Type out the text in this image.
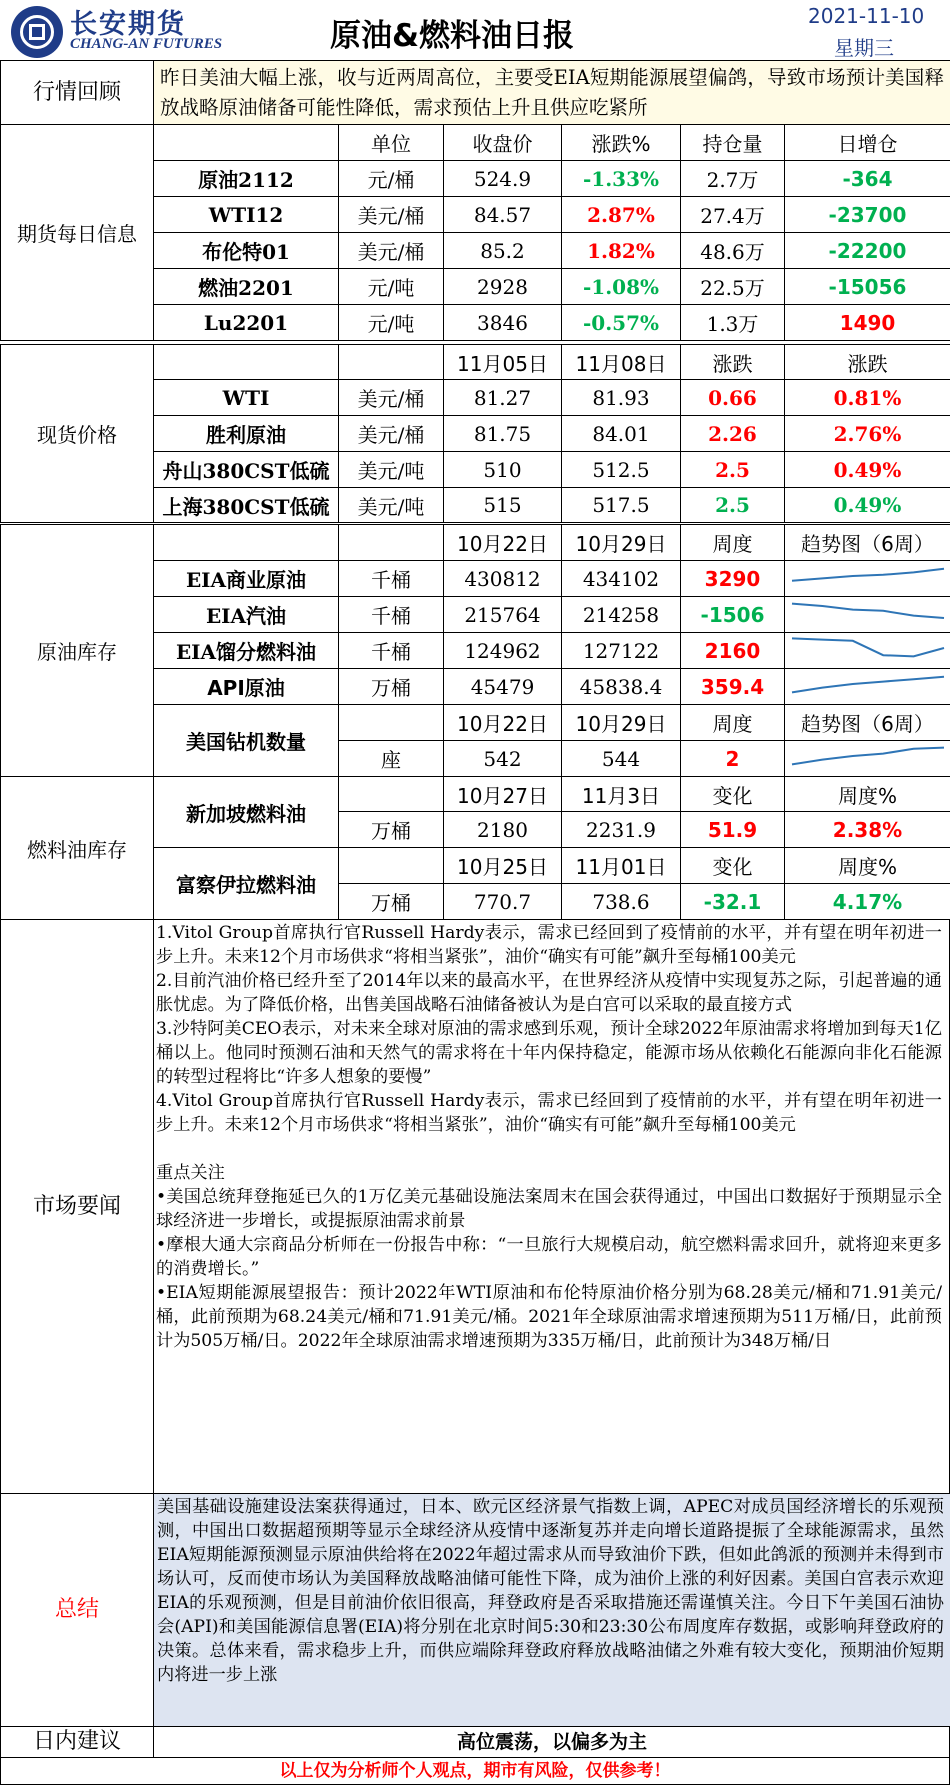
长安期货
CHANG-AN FUTURES	原油&燃料油日报
2021-11-10
星期三
行情回顾
昨日美油大幅上涨，收与近两周高位，主要受EIA短期能源展望偏鸽，导致市场预计美国释放战略原油储备可能性降低，需求预估上升且供应吃紧所
期货每日信息		单位	收盘价	涨跌%	持仓量	日增仓
	原油2112	元/桶	524.9	-1.33%	2.7万	-364
	WTI12	美元/桶	84.57	2.87%	27.4万	-23700
	布伦特01	美元/桶	85.2	1.82%	48.6万	-22200
	燃油2201	元/吨	2928	-1.08%	22.5万	-15056
	Lu2201	元/吨	3846	-0.57%	1.3万	1490
现货价格			11月05日	11月08日	涨跌	涨跌
	WTI	美元/桶	81.27	81.93	0.66	0.81%
	胜利原油	美元/桶	81.75	84.01	2.26	2.76%
	舟山380CST低硫	美元/吨	510	512.5	2.5	0.49%
	上海380CST低硫	美元/吨	515	517.5	2.5	0.49%
原油库存			10月22日	10月29日	周度	趋势图（6周）
	EIA商业原油	千桶	430812	434102	3290	
	EIA汽油	千桶	215764	214258	-1506	
	EIA馏分燃料油	千桶	124962	127122	2160	
	API原油	万桶	45479	45838.4	359.4	
	美国钻机数量		10月22日	10月29日	周度	趋势图（6周）
		座	542	544	2	
燃料油库存	新加坡燃料油		10月27日	11月3日	变化	周度%
		万桶	2180	2231.9	51.9	2.38%
	富察伊拉燃料油		10月25日	11月01日	变化	周度%
		万桶	770.7	738.6	-32.1	4.17%
市场要闻
1.Vitol Group首席执行官Russell Hardy表示，需求已经回到了疫情前的水平，并有望在明年初进一步上升。未来12个月市场供求“将相当紧张”，油价“确实有可能”飙升至每桶100美元
2.目前汽油价格已经升至了2014年以来的最高水平，在世界经济从疫情中实现复苏之际，引起普遍的通胀忧虑。为了降低价格，出售美国战略石油储备被认为是白宫可以采取的最直接方式
3.沙特阿美CEO表示，对未来全球对原油的需求感到乐观，预计全球2022年原油需求将增加到每天1亿桶以上。他同时预测石油和天然气的需求将在十年内保持稳定，能源市场从依赖化石能源向非化石能源的转型过程将比“许多人想象的要慢”
4.Vitol Group首席执行官Russell Hardy表示，需求已经回到了疫情前的水平，并有望在明年初进一步上升。未来12个月市场供求“将相当紧张”，油价“确实有可能”飙升至每桶100美元
重点关注
•美国总统拜登拖延已久的1万亿美元基础设施法案周末在国会获得通过，中国出口数据好于预期显示全球经济进一步增长，或提振原油需求前景
•摩根大通大宗商品分析师在一份报告中称：“一旦旅行大规模启动，航空燃料需求回升，就将迎来更多的消费增长。”
•EIA短期能源展望报告：预计2022年WTI原油和布伦特原油价格分别为68.28美元/桶和71.91美元/桶，此前预期为68.24美元/桶和71.91美元/桶。2021年全球原油需求增速预期为511万桶/日，此前预计为505万桶/日。2022年全球原油需求增速预期为335万桶/日，此前预计为348万桶/日
总结
美国基础设施建设法案获得通过，日本、欧元区经济景气指数上调，APEC对成员国经济增长的乐观预测，中国出口数据超预期等显示全球经济从疫情中逐渐复苏并走向增长道路提振了全球能源需求，虽然EIA短期能源预测显示原油供给将在2022年超过需求从而导致油价下跌，但如此鸽派的预测并未得到市场认可，反而使市场认为美国释放战略油储可能性下降，成为油价上涨的利好因素。美国白宫表示欢迎EIA的乐观预测，但是目前油价依旧很高，拜登政府是否采取措施还需谨慎关注。今日下午美国石油协会(API)和美国能源信息署(EIA)将分别在北京时间5:30和23:30公布周度库存数据，或影响拜登政府的决策。总体来看，需求稳步上升，而供应端除拜登政府释放战略油储之外难有较大变化，预期油价短期内将进一步上涨
日内建议	高位震荡，以偏多为主
以上仅为分析师个人观点，期市有风险，仅供参考！
